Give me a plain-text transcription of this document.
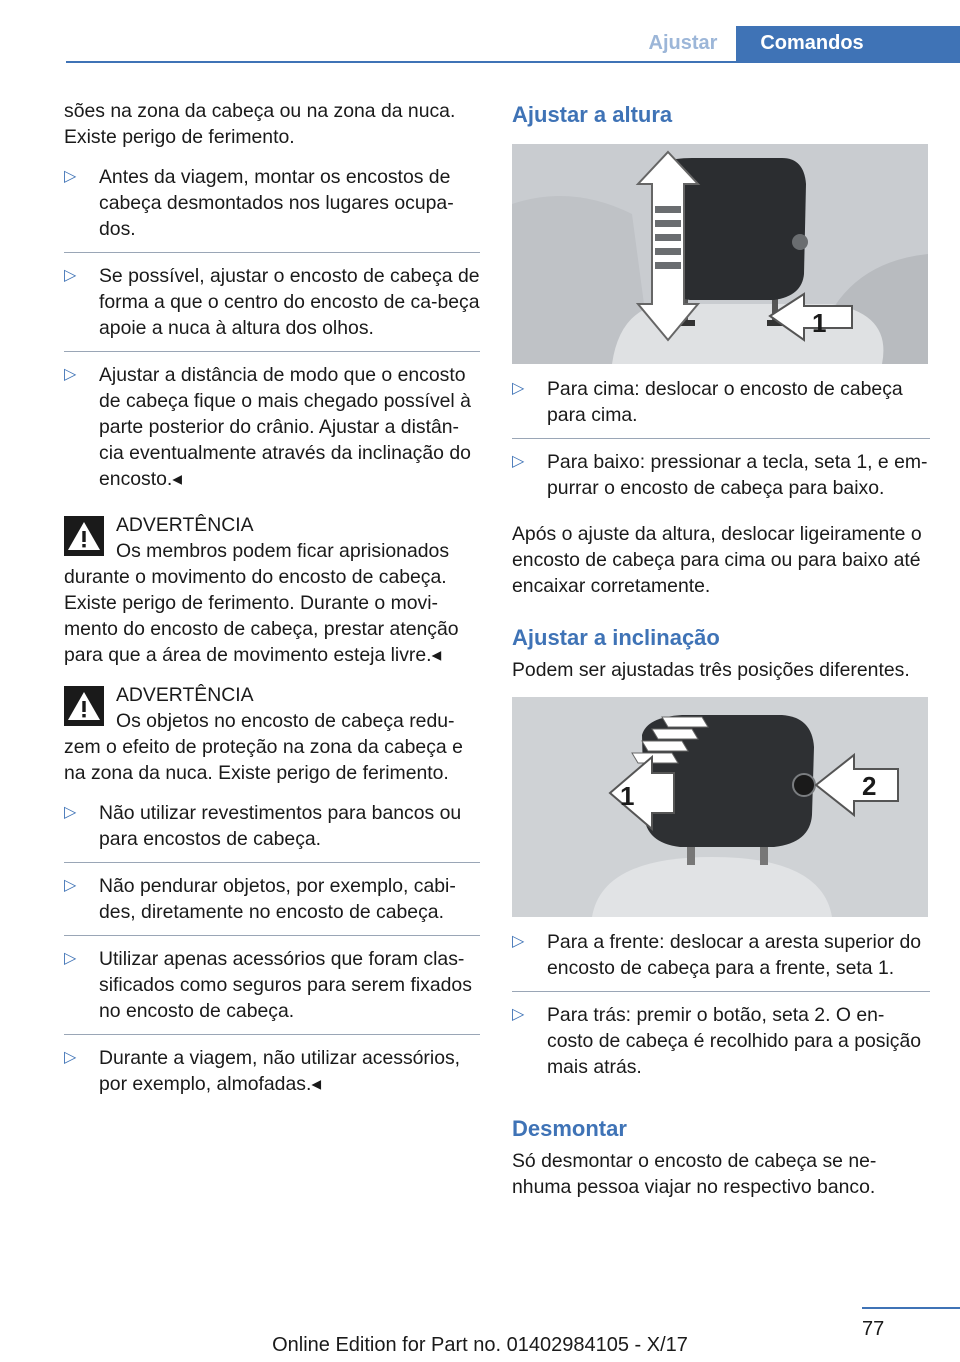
Ajustar	Comandos

sões na zona da cabeça ou na zona da nuca. Existe perigo de ferimento.

▷ Antes da viagem, montar os encostos de cabeça desmontados nos lugares ocupa-dos.
▷ Se possível, ajustar o encosto de cabeça de forma a que o centro do encosto de ca-beça apoie a nuca à altura dos olhos.
▷ Ajustar a distância de modo que o encosto de cabeça fique o mais chegado possível à parte posterior do crânio. Ajustar a distân-cia eventualmente através da inclinação do encosto.◂

ADVERTÊNCIA

Os membros podem ficar aprisionados

durante o movimento do encosto de cabeça. Existe perigo de ferimento. Durante o movi-mento do encosto de cabeça, prestar atenção para que a área de movimento esteja livre.◂

ADVERTÊNCIA

Os objetos no encosto de cabeça redu-

zem o efeito de proteção na zona da cabeça e na zona da nuca. Existe perigo de ferimento.

▷ Não utilizar revestimentos para bancos ou para encostos de cabeça.
▷ Não pendurar objetos, por exemplo, cabi-des, diretamente no encosto de cabeça.
▷ Utilizar apenas acessórios que foram clas-sificados como seguros para serem fixados no encosto de cabeça.
▷ Durante a viagem, não utilizar acessórios, por exemplo, almofadas.◂
Ajustar a altura
1
▷ Para cima: deslocar o encosto de cabeça para cima.
▷ Para baixo: pressionar a tecla, seta 1, e em-purrar o encosto de cabeça para baixo.

Após o ajuste da altura, deslocar ligeiramente o encosto de cabeça para cima ou para baixo até encaixar corretamente.

Ajustar a inclinação

Podem ser ajustadas três posições diferentes.

1	2
▷ Para a frente: deslocar a aresta superior do encosto de cabeça para a frente, seta 1.
▷ Para trás: premir o botão, seta 2. O en-costo de cabeça é recolhido para a posição mais atrás.
Desmontar

Só desmontar o encosto de cabeça se ne-nhuma pessoa viajar no respectivo banco.

77
Online Edition for Part no. 01402984105 - X/17
